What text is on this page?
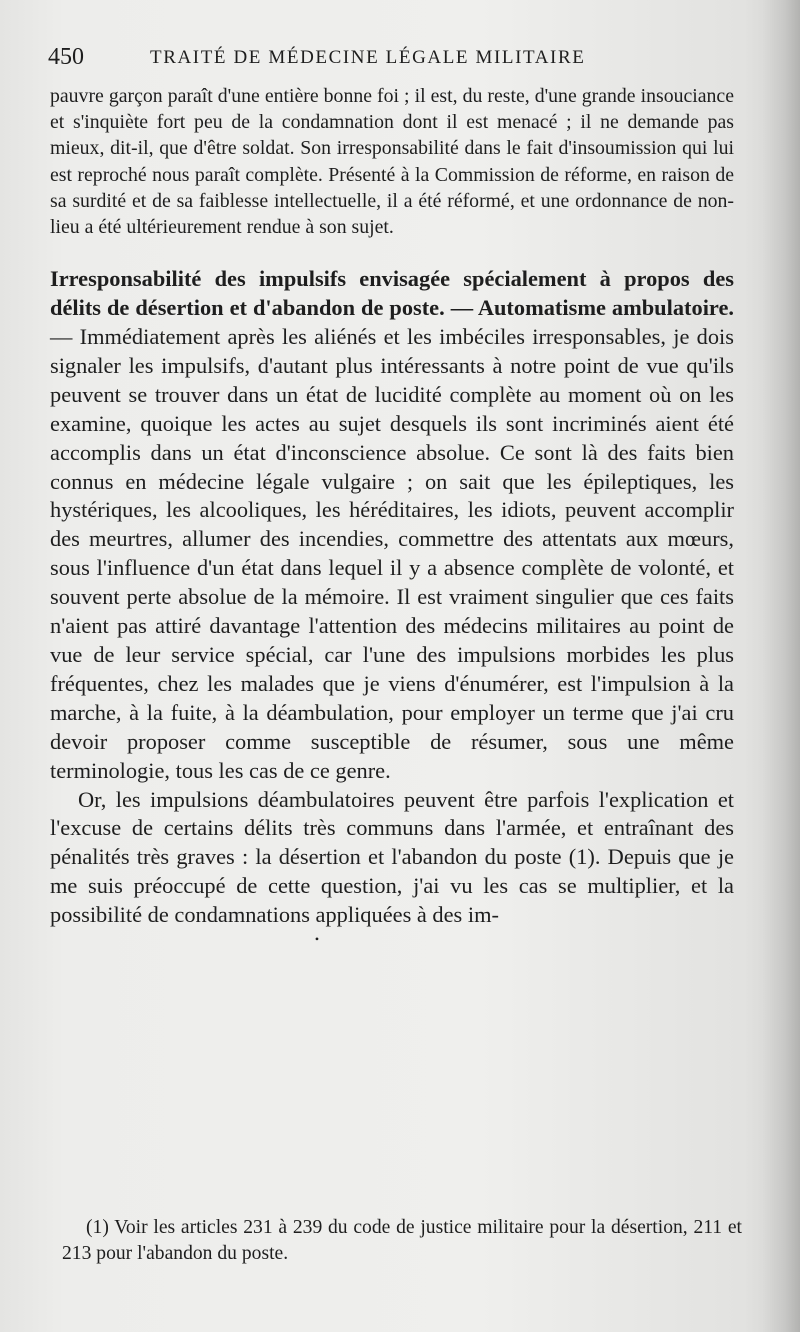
450	TRAITÉ DE MÉDECINE LÉGALE MILITAIRE

pauvre garçon paraît d'une entière bonne foi ; il est, du reste, d'une grande insouciance et s'inquiète fort peu de la condamnation dont il est menacé ; il ne demande pas mieux, dit-il, que d'être soldat. Son irresponsabilité dans le fait d'insoumission qui lui est reproché nous paraît complète. Présenté à la Commission de réforme, en raison de sa surdité et de sa faiblesse intellectuelle, il a été réformé, et une ordonnance de non-lieu a été ultérieurement rendue à son sujet.

Irresponsabilité des impulsifs envisagée spécialement à propos des délits de désertion et d'abandon de poste. — Automatisme ambulatoire. — Immédiatement après les aliénés et les imbéciles irresponsables, je dois signaler les impulsifs, d'autant plus intéressants à notre point de vue qu'ils peuvent se trouver dans un état de lucidité complète au moment où on les examine, quoique les actes au sujet desquels ils sont incriminés aient été accomplis dans un état d'inconscience absolue. Ce sont là des faits bien connus en médecine légale vulgaire ; on sait que les épileptiques, les hystériques, les alcooliques, les héréditaires, les idiots, peuvent accomplir des meurtres, allumer des incendies, commettre des attentats aux mœurs, sous l'influence d'un état dans lequel il y a absence complète de volonté, et souvent perte absolue de la mémoire. Il est vraiment singulier que ces faits n'aient pas attiré davantage l'attention des médecins militaires au point de vue de leur service spécial, car l'une des impulsions morbides les plus fréquentes, chez les malades que je viens d'énumérer, est l'impulsion à la marche, à la fuite, à la déambulation, pour employer un terme que j'ai cru devoir proposer comme susceptible de résumer, sous une même terminologie, tous les cas de ce genre.

Or, les impulsions déambulatoires peuvent être parfois l'explication et l'excuse de certains délits très communs dans l'armée, et entraînant des pénalités très graves : la désertion et l'abandon du poste (1). Depuis que je me suis préoccupé de cette question, j'ai vu les cas se multiplier, et la possibilité de condamnations appliquées à des im-

•

(1) Voir les articles 231 à 239 du code de justice militaire pour la désertion, 211 et 213 pour l'abandon du poste.
